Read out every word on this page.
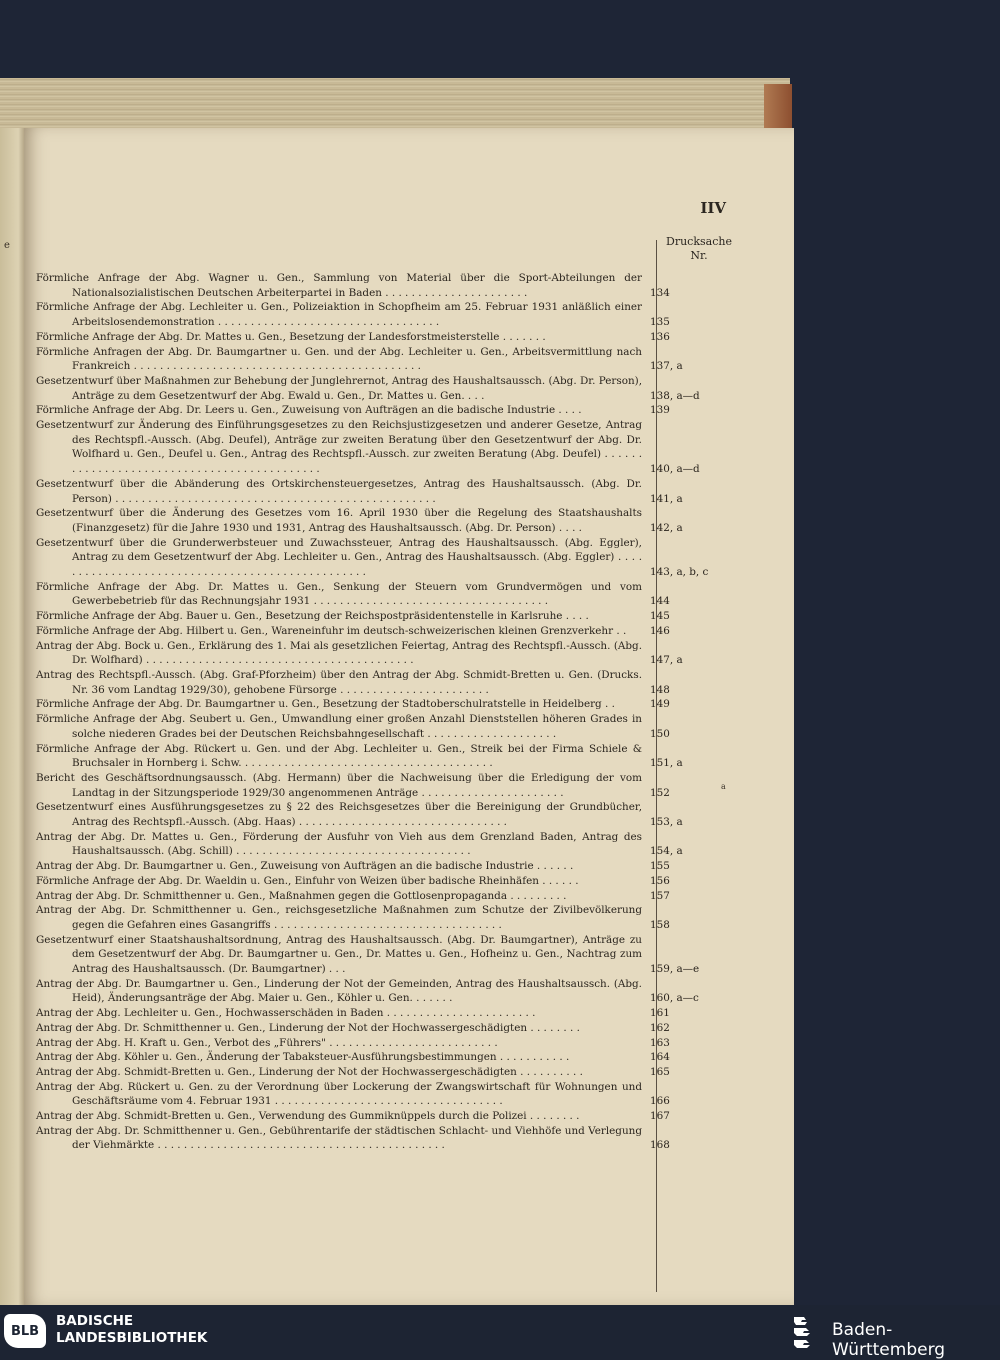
e
IIV
Drucksache
Nr.
a
Förmliche Anfrage der Abg. Wagner u. Gen., Sammlung von Material über die Sport-Abteilungen der Nationalsozialistischen Deutschen Arbeiterpartei in Baden . . . . . . . . . . . . . . . . . . . . . .	134
Förmliche Anfrage der Abg. Lechleiter u. Gen., Polizeiaktion in Schopfheim am 25. Februar 1931 anläßlich einer Arbeitslosendemonstration . . . . . . . . . . . . . . . . . . . . . . . . . . . . . . . . . .	135
Förmliche Anfrage der Abg. Dr. Mattes u. Gen., Besetzung der Landesforstmeisterstelle . . . . . . .	136
Förmliche Anfragen der Abg. Dr. Baumgartner u. Gen. und der Abg. Lechleiter u. Gen., Arbeitsvermittlung nach Frankreich . . . . . . . . . . . . . . . . . . . . . . . . . . . . . . . . . . . . . . . . . . . .	137, a
Gesetzentwurf über Maßnahmen zur Behebung der Junglehrernot, Antrag des Haushaltsaussch. (Abg. Dr. Person), Anträge zu dem Gesetzentwurf der Abg. Ewald u. Gen., Dr. Mattes u. Gen. . . .	138, a—d
Förmliche Anfrage der Abg. Dr. Leers u. Gen., Zuweisung von Aufträgen an die badische Industrie . . . .	139
Gesetzentwurf zur Änderung des Einführungsgesetzes zu den Reichsjustizgesetzen und anderer Gesetze, Antrag des Rechtspfl.-Aussch. (Abg. Deufel), Anträge zur zweiten Beratung über den Gesetzentwurf der Abg. Dr. Wolfhard u. Gen., Deufel u. Gen., Antrag des Rechtspfl.-Aussch. zur zweiten Beratung (Abg. Deufel) . . . . . . . . . . . . . . . . . . . . . . . . . . . . . . . . . . . . . . . . . . . .	140, a—d
Gesetzentwurf über die Abänderung des Ortskirchensteuergesetzes, Antrag des Haushaltsaussch. (Abg. Dr. Person) . . . . . . . . . . . . . . . . . . . . . . . . . . . . . . . . . . . . . . . . . . . . . . . . .	141, a
Gesetzentwurf über die Änderung des Gesetzes vom 16. April 1930 über die Regelung des Staatshaushalts (Finanzgesetz) für die Jahre 1930 und 1931, Antrag des Haushaltsaussch. (Abg. Dr. Person) . . . .	142, a
Gesetzentwurf über die Grunderwerbsteuer und Zuwachssteuer, Antrag des Haushaltsaussch. (Abg. Eggler), Antrag zu dem Gesetzentwurf der Abg. Lechleiter u. Gen., Antrag des Haushaltsaussch. (Abg. Eggler) . . . . . . . . . . . . . . . . . . . . . . . . . . . . . . . . . . . . . . . . . . . . . . . . .	143, a, b, c
Förmliche Anfrage der Abg. Dr. Mattes u. Gen., Senkung der Steuern vom Grundvermögen und vom Gewerbebetrieb für das Rechnungsjahr 1931 . . . . . . . . . . . . . . . . . . . . . . . . . . . . . . . . . . . .	144
Förmliche Anfrage der Abg. Bauer u. Gen., Besetzung der Reichspostpräsidentenstelle in Karlsruhe . . . .	145
Förmliche Anfrage der Abg. Hilbert u. Gen., Wareneinfuhr im deutsch-schweizerischen kleinen Grenzverkehr . .	146
Antrag der Abg. Bock u. Gen., Erklärung des 1. Mai als gesetzlichen Feiertag, Antrag des Rechtspfl.-Aussch. (Abg. Dr. Wolfhard) . . . . . . . . . . . . . . . . . . . . . . . . . . . . . . . . . . . . . . . . .	147, a
Antrag des Rechtspfl.-Aussch. (Abg. Graf-Pforzheim) über den Antrag der Abg. Schmidt-Bretten u. Gen. (Drucks. Nr. 36 vom Landtag 1929/30), gehobene Fürsorge . . . . . . . . . . . . . . . . . . . . . . .	148
Förmliche Anfrage der Abg. Dr. Baumgartner u. Gen., Besetzung der Stadtoberschulratstelle in Heidelberg . .	149
Förmliche Anfrage der Abg. Seubert u. Gen., Umwandlung einer großen Anzahl Dienststellen höheren Grades in solche niederen Grades bei der Deutschen Reichsbahngesellschaft . . . . . . . . . . . . . . . . . . . .	150
Förmliche Anfrage der Abg. Rückert u. Gen. und der Abg. Lechleiter u. Gen., Streik bei der Firma Schiele & Bruchsaler in Hornberg i. Schw. . . . . . . . . . . . . . . . . . . . . . . . . . . . . . . . . . . . . . .	151, a
Bericht des Geschäftsordnungsaussch. (Abg. Hermann) über die Nachweisung über die Erledigung der vom Landtag in der Sitzungsperiode 1929/30 angenommenen Anträge . . . . . . . . . . . . . . . . . . . . . .	152
Gesetzentwurf eines Ausführungsgesetzes zu § 22 des Reichsgesetzes über die Bereinigung der Grundbücher, Antrag des Rechtspfl.-Aussch. (Abg. Haas) . . . . . . . . . . . . . . . . . . . . . . . . . . . . . . . .	153, a
Antrag der Abg. Dr. Mattes u. Gen., Förderung der Ausfuhr von Vieh aus dem Grenzland Baden, Antrag des Haushaltsaussch. (Abg. Schill) . . . . . . . . . . . . . . . . . . . . . . . . . . . . . . . . . . . .	154, a
Antrag der Abg. Dr. Baumgartner u. Gen., Zuweisung von Aufträgen an die badische Industrie . . . . . .	155
Förmliche Anfrage der Abg. Dr. Waeldin u. Gen., Einfuhr von Weizen über badische Rheinhäfen . . . . . .	156
Antrag der Abg. Dr. Schmitthenner u. Gen., Maßnahmen gegen die Gottlosenpropaganda . . . . . . . . .	157
Antrag der Abg. Dr. Schmitthenner u. Gen., reichsgesetzliche Maßnahmen zum Schutze der Zivilbevölkerung gegen die Gefahren eines Gasangriffs . . . . . . . . . . . . . . . . . . . . . . . . . . . . . . . . . . .	158
Gesetzentwurf einer Staatshaushaltsordnung, Antrag des Haushaltsaussch. (Abg. Dr. Baumgartner), Anträge zu dem Gesetzentwurf der Abg. Dr. Baumgartner u. Gen., Dr. Mattes u. Gen., Hofheinz u. Gen., Nachtrag zum Antrag des Haushaltsaussch. (Dr. Baumgartner) . . .	159, a—e
Antrag der Abg. Dr. Baumgartner u. Gen., Linderung der Not der Gemeinden, Antrag des Haushaltsaussch. (Abg. Heid), Änderungsanträge der Abg. Maier u. Gen., Köhler u. Gen. . . . . . .	160, a—c
Antrag der Abg. Lechleiter u. Gen., Hochwasserschäden in Baden . . . . . . . . . . . . . . . . . . . . . . .	161
Antrag der Abg. Dr. Schmitthenner u. Gen., Linderung der Not der Hochwassergeschädigten . . . . . . . .	162
Antrag der Abg. H. Kraft u. Gen., Verbot des „Führers" . . . . . . . . . . . . . . . . . . . . . . . . . .	163
Antrag der Abg. Köhler u. Gen., Änderung der Tabaksteuer-Ausführungsbestimmungen . . . . . . . . . . .	164
Antrag der Abg. Schmidt-Bretten u. Gen., Linderung der Not der Hochwassergeschädigten . . . . . . . . . .	165
Antrag der Abg. Rückert u. Gen. zu der Verordnung über Lockerung der Zwangswirtschaft für Wohnungen und Geschäftsräume vom 4. Februar 1931 . . . . . . . . . . . . . . . . . . . . . . . . . . . . . . . . . . .	166
Antrag der Abg. Schmidt-Bretten u. Gen., Verwendung des Gummiknüppels durch die Polizei . . . . . . . .	167
Antrag der Abg. Dr. Schmitthenner u. Gen., Gebührentarife der städtischen Schlacht- und Viehhöfe und Verlegung der Viehmärkte . . . . . . . . . . . . . . . . . . . . . . . . . . . . . . . . . . . . . . . . . . . .	168
BLB
BADISCHE
LANDESBIBLIOTHEK	Baden-Württemberg
